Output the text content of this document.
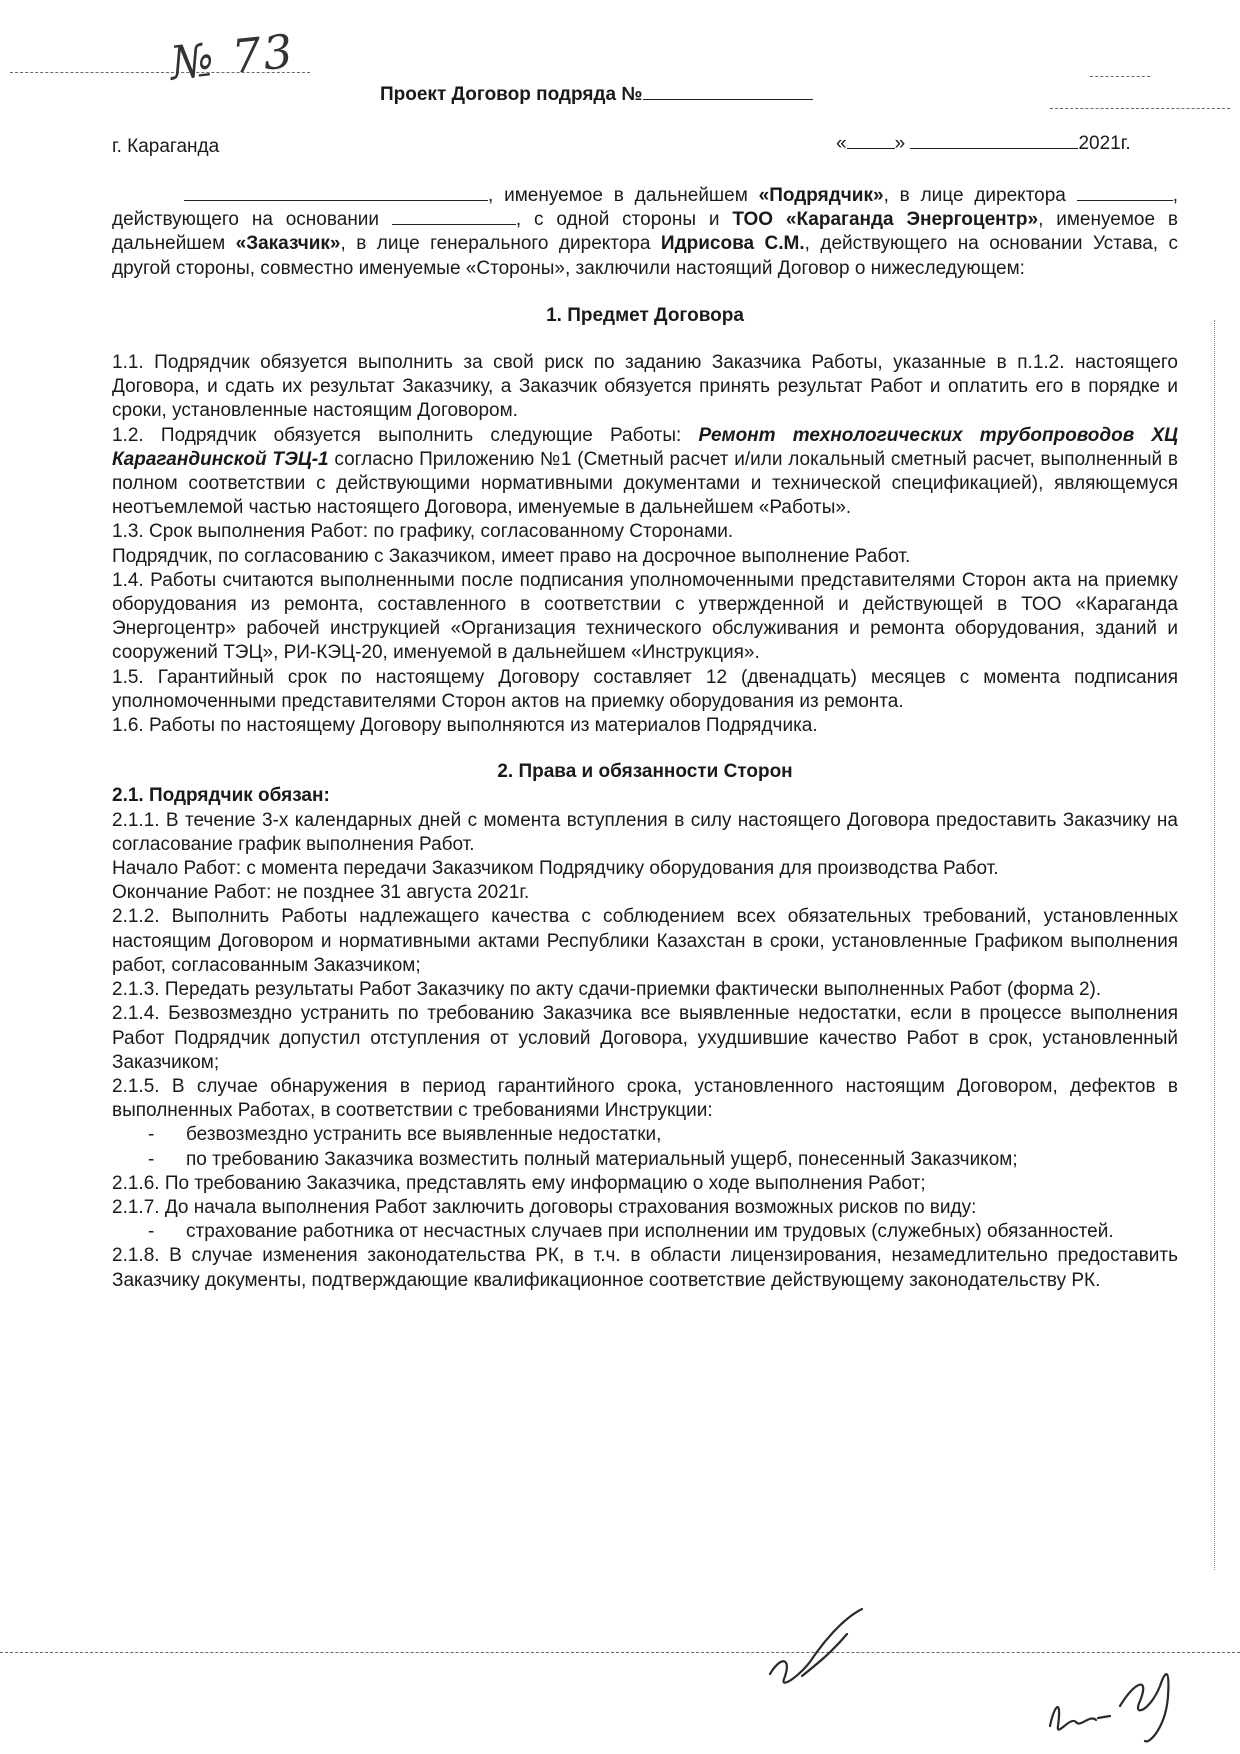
№ 73
Проект Договор подряда №
г. Караганда	«	»	2021г.

, именуемое в дальнейшем «Подрядчик», в лице директора	, действующего на основании	, с одной стороны и ТОО «Караганда Энергоцентр», именуемое в дальнейшем «Заказчик», в лице генерального директора Идрисова С.М., действующего на основании Устава, с другой стороны, совместно именуемые «Стороны», заключили настоящий Договор о нижеследующем:

1. Предмет Договора

1.1. Подрядчик обязуется выполнить за свой риск по заданию Заказчика Работы, указанные в п.1.2. настоящего Договора, и сдать их результат Заказчику, а Заказчик обязуется принять результат Работ и оплатить его в порядке и сроки, установленные настоящим Договором.

1.2. Подрядчик обязуется выполнить следующие Работы: Ремонт технологических трубопроводов ХЦ Карагандинской ТЭЦ-1 согласно Приложению №1 (Сметный расчет и/или локальный сметный расчет, выполненный в полном соответствии с действующими нормативными документами и технической спецификацией), являющемуся неотъемлемой частью настоящего Договора, именуемые в дальнейшем «Работы».

1.3. Срок выполнения Работ: по графику, согласованному Сторонами.

Подрядчик, по согласованию с Заказчиком, имеет право на досрочное выполнение Работ.

1.4. Работы считаются выполненными после подписания уполномоченными представителями Сторон акта на приемку оборудования из ремонта, составленного в соответствии с утвержденной и действующей в ТОО «Караганда Энергоцентр» рабочей инструкцией «Организация технического обслуживания и ремонта оборудования, зданий и сооружений ТЭЦ», РИ-КЭЦ-20, именуемой в дальнейшем «Инструкция».

1.5. Гарантийный срок по настоящему Договору составляет 12 (двенадцать) месяцев с момента подписания уполномоченными представителями Сторон актов на приемку оборудования из ремонта.

1.6. Работы по настоящему Договору выполняются из материалов Подрядчика.

2. Права и обязанности Сторон

2.1. Подрядчик обязан:

2.1.1. В течение 3-х календарных дней с момента вступления в силу настоящего Договора предоставить Заказчику на согласование график выполнения Работ.

Начало Работ: с момента передачи Заказчиком Подрядчику оборудования для производства Работ.

Окончание Работ: не позднее 31 августа 2021г.

2.1.2. Выполнить Работы надлежащего качества с соблюдением всех обязательных требований, установленных настоящим Договором и нормативными актами Республики Казахстан в сроки, установленные Графиком выполнения работ, согласованным Заказчиком;

2.1.3. Передать результаты Работ Заказчику по акту сдачи-приемки фактически выполненных Работ (форма 2).

2.1.4. Безвозмездно устранить по требованию Заказчика все выявленные недостатки, если в процессе выполнения Работ Подрядчик допустил отступления от условий Договора, ухудшившие качество Работ в срок, установленный Заказчиком;

2.1.5. В случае обнаружения в период гарантийного срока, установленного настоящим Договором, дефектов в выполненных Работах, в соответствии с требованиями Инструкции:

- безвозмездно устранить все выявленные недостатки,

- по требованию Заказчика возместить полный материальный ущерб, понесенный Заказчиком;

2.1.6. По требованию Заказчика, представлять ему информацию о ходе выполнения Работ;

2.1.7. До начала выполнения Работ заключить договоры страхования возможных рисков по виду:

- страхование работника от несчастных случаев при исполнении им трудовых (служебных) обязанностей.

2.1.8. В случае изменения законодательства РК, в т.ч. в области лицензирования, незамедлительно предоставить Заказчику документы, подтверждающие квалификационное соответствие действующему законодательству РК.
